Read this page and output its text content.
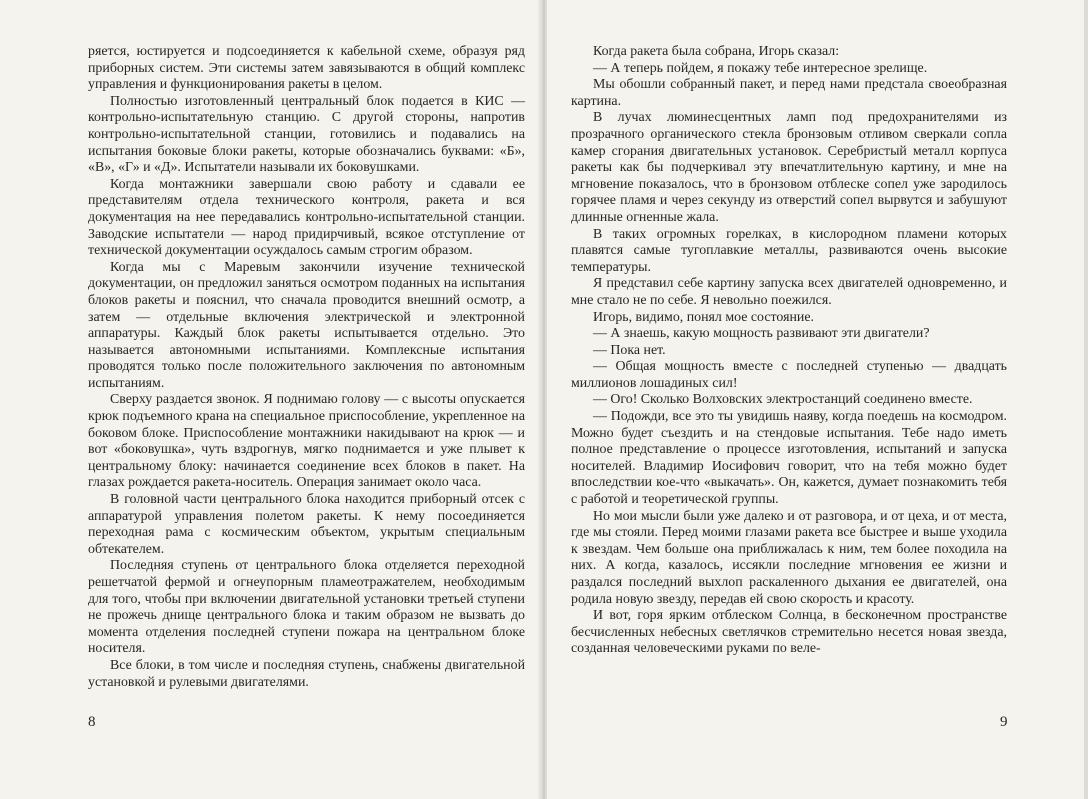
ряется, юстируется и подсоединяется к кабельной схеме, образуя ряд приборных систем. Эти системы затем завязываются в общий комплекс управления и функционирования ракеты в целом.

Полностью изготовленный центральный блок подается в КИС — контрольно-испытательную станцию. С другой стороны, напротив контрольно-испытательной станции, готовились и подавались на испытания боковые блоки ракеты, которые обозначались буквами: «Б», «В», «Г» и «Д». Испытатели называли их боковушками.

Когда монтажники завершали свою работу и сдавали ее представителям отдела технического контроля, ракета и вся документация на нее передавались контрольно-испытательной станции. Заводские испытатели — народ придирчивый, всякое отступление от технической документации осуждалось самым строгим образом.

Когда мы с Маревым закончили изучение технической документации, он предложил заняться осмотром поданных на испытания блоков ракеты и пояснил, что сначала проводится внешний осмотр, а затем — отдельные включения электрической и электронной аппаратуры. Каждый блок ракеты испытывается отдельно. Это называется автономными испытаниями. Комплексные испытания проводятся только после положительного заключения по автономным испытаниям.

Сверху раздается звонок. Я поднимаю голову — с высоты опускается крюк подъемного крана на специальное приспособление, укрепленное на боковом блоке. Приспособление монтажники накидывают на крюк — и вот «боковушка», чуть вздрогнув, мягко поднимается и уже плывет к центральному блоку: начинается соединение всех блоков в пакет. На глазах рождается ракета-носитель. Операция занимает около часа.

В головной части центрального блока находится приборный отсек с аппаратурой управления полетом ракеты. К нему посоединяется переходная рама с космическим объектом, укрытым специальным обтекателем.

Последняя ступень от центрального блока отделяется переходной решетчатой фермой и огнеупорным пламеотражателем, необходимым для того, чтобы при включении двигательной установки третьей ступени не прожечь днище центрального блока и таким образом не вызвать до момента отделения последней ступени пожара на центральном блоке носителя.

Все блоки, в том числе и последняя ступень, снабжены двигательной установкой и рулевыми двигателями.

8

Когда ракета была собрана, Игорь сказал:

— А теперь пойдем, я покажу тебе интересное зрелище.

Мы обошли собранный пакет, и перед нами предстала своеобразная картина.

В лучах люминесцентных ламп под предохранителями из прозрачного органического стекла бронзовым отливом сверкали сопла камер сгорания двигательных установок. Серебристый металл корпуса ракеты как бы подчеркивал эту впечатлительную картину, и мне на мгновение показалось, что в бронзовом отблеске сопел уже зародилось горячее пламя и через секунду из отверстий сопел вырвутся и забушуют длинные огненные жала.

В таких огромных горелках, в кислородном пламени которых плавятся самые тугоплавкие металлы, развиваются очень высокие температуры.

Я представил себе картину запуска всех двигателей одновременно, и мне стало не по себе. Я невольно поежился.

Игорь, видимо, понял мое состояние.

— А знаешь, какую мощность развивают эти двигатели?

— Пока нет.

— Общая мощность вместе с последней ступенью — двадцать миллионов лошадиных сил!

— Ого! Сколько Волховских электростанций соединено вместе.

— Подожди, все это ты увидишь наяву, когда поедешь на космодром. Можно будет съездить и на стендовые испытания. Тебе надо иметь полное представление о процессе изготовления, испытаний и запуска носителей. Владимир Иосифович говорит, что на тебя можно будет впоследствии кое-что «выкачать». Он, кажется, думает познакомить тебя с работой и теоретической группы.

Но мои мысли были уже далеко и от разговора, и от цеха, и от места, где мы стояли. Перед моими глазами ракета все быстрее и выше уходила к звездам. Чем больше она приближалась к ним, тем более походила на них. А когда, казалось, иссякли последние мгновения ее жизни и раздался последний выхлоп раскаленного дыхания ее двигателей, она родила новую звезду, передав ей свою скорость и красоту.

И вот, горя ярким отблеском Солнца, в бесконечном пространстве бесчисленных небесных светлячков стремительно несется новая звезда, созданная человеческими руками по веле-

9
